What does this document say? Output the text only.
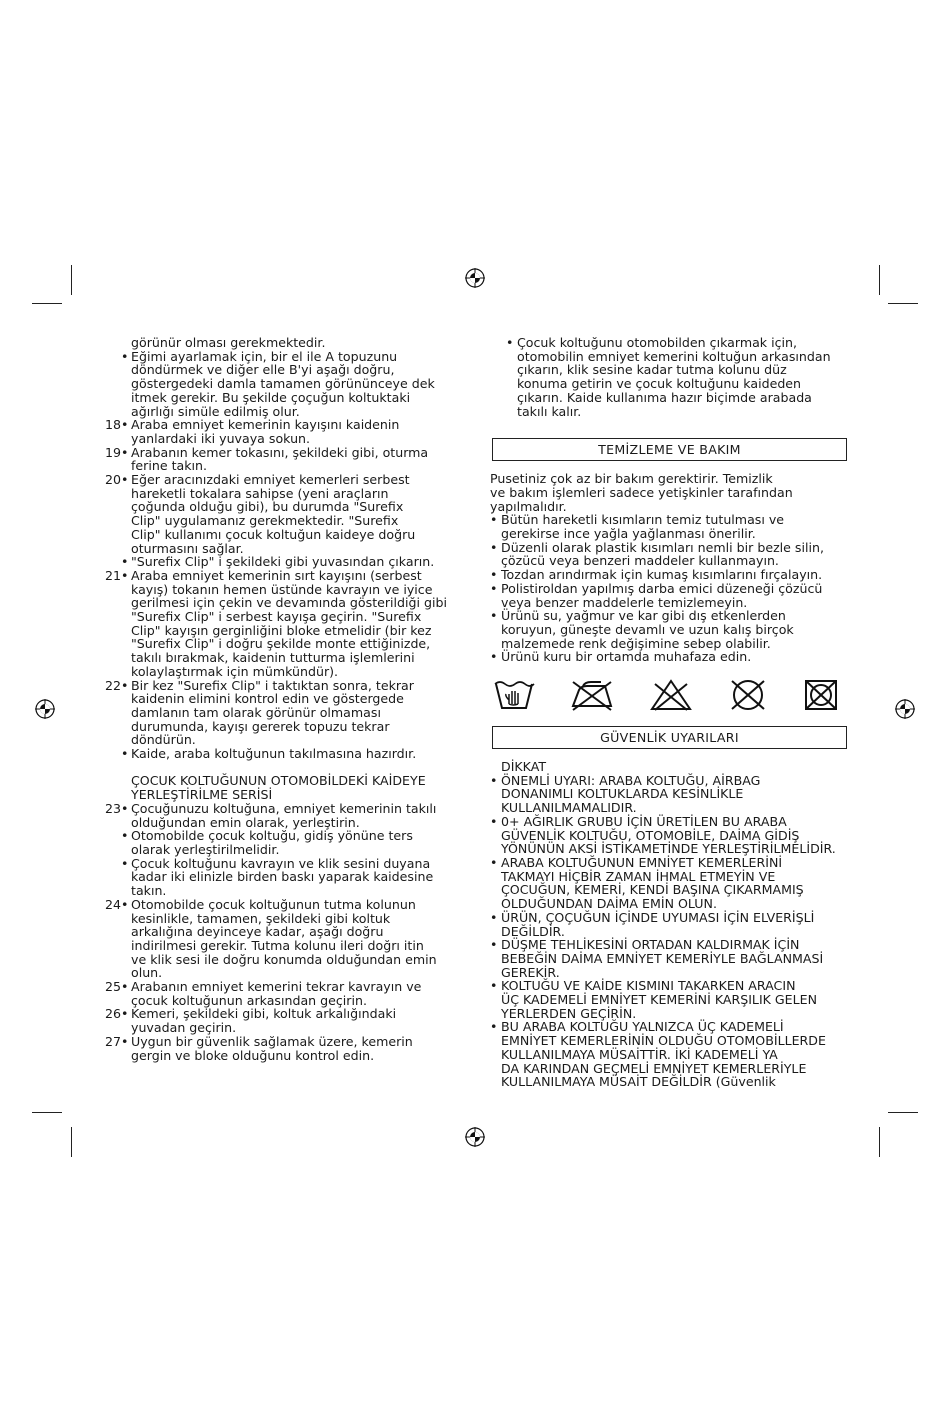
görünür olması gerekmektedir.
• Eğimi ayarlamak için, bir el ile A topuzunu
döndürmek ve diğer elle B'yi aşağı doğru,
göstergedeki damla tamamen görününceye dek
itmek gerekir. Bu şekilde çoçuğun koltuktaki
ağırlığı simüle edilmiş olur.
18 • Araba emniyet kemerinin kayışını kaidenin
yanlardaki iki yuvaya sokun.
19 • Arabanın kemer tokasını, şekildeki gibi, oturma
ferine takın.
20 • Eğer aracınızdaki emniyet kemerleri serbest
hareketli tokalara sahipse (yeni araçların
çoğunda olduğu gibi), bu durumda "Surefix
Clip" uygulamanız gerekmektedir. "Surefix
Clip" kullanımı çocuk koltuğun kaideye doğru
oturmasını sağlar.
• "Surefix Clip" i şekildeki gibi yuvasından çıkarın.
21 • Araba emniyet kemerinin sırt kayışını (serbest
kayış) tokanın hemen üstünde kavrayın ve iyice
gerilmesi için çekin ve devamında gösterildiği gibi
"Surefix Clip" i serbest kayışa geçirin. "Surefix
Clip" kayışın gerginliğini bloke etmelidir (bir kez
"Surefix Clip" i doğru şekilde monte ettiğinizde,
takılı bırakmak, kaidenin tutturma işlemlerini
kolaylaştırmak için mümkündür).
22 • Bir kez "Surefix Clip" i taktıktan sonra, tekrar
kaidenin elimini kontrol edin ve göstergede
damlanın tam olarak görünür olmaması
durumunda, kayışı gererek topuzu tekrar
döndürün.
• Kaide, araba koltuğunun takılmasına hazırdır.
ÇOCUK KOLTUĞUNUN OTOMOBİLDEKİ KAİDEYE
YERLEŞTİRİLME SERİSİ
23 • Çocuğunuzu koltuğuna, emniyet kemerinin takılı
olduğundan emin olarak, yerleştirin.
• Otomobilde çocuk koltuğu, gidiş yönüne ters
olarak yerleştirilmelidir.
• Çocuk koltuğunu kavrayın ve klik sesini duyana
kadar iki elinizle birden baskı yaparak kaidesine
takın.
24 • Otomobilde çocuk koltuğunun tutma kolunun
kesinlikle, tamamen, şekildeki gibi koltuk
arkalığına deyinceye kadar, aşağı doğru
indirilmesi gerekir. Tutma kolunu ileri doğrı itin
ve klik sesi ile doğru konumda olduğundan emin
olun.
25 • Arabanın emniyet kemerini tekrar kavrayın ve
çocuk koltuğunun arkasından geçirin.
26 • Kemeri, şekildeki gibi, koltuk arkalığındaki
yuvadan geçirin.
27 • Uygun bir güvenlik sağlamak üzere, kemerin
gergin ve bloke olduğunu kontrol edin.
• Çocuk koltuğunu otomobilden çıkarmak için,
otomobilin emniyet kemerini koltuğun arkasından
çıkarın, klik sesine kadar tutma kolunu düz
konuma getirin ve çocuk koltuğunu kaideden
çıkarın. Kaide kullanıma hazır biçimde arabada
takılı kalır.
TEMİZLEME VE BAKIM
Pusetiniz çok az bir bakım gerektirir. Temizlik
ve bakım işlemleri sadece yetişkinler tarafından
yapılmalıdır.
• Bütün hareketli kısımların temiz tutulması ve
gerekirse ince yağla yağlanması önerilir.
• Düzenli olarak plastik kısımları nemli bir bezle silin,
çözücü veya benzeri maddeler kullanmayın.
• Tozdan arındırmak için kumaş kısımlarını fırçalayın.
• Polistiroldan yapılmış darba emici düzeneği çözücü
veya benzer maddelerle temizlemeyin.
• Ürünü su, yağmur ve kar gibi dış etkenlerden
koruyun, güneşte devamlı ve uzun kalış birçok
malzemede renk değişimine sebep olabilir.
• Ürünü kuru bir ortamda muhafaza edin.
GÜVENLİK UYARILARI
DİKKAT
• ÖNEMLİ UYARI: ARABA KOLTUĞU, AİRBAG
DONANIMLI KOLTUKLARDA KESİNLİKLE
KULLANILMAMALIDIR.
• 0+ AĞIRLIK GRUBU İÇİN ÜRETİLEN BU ARABA
GÜVENLİK KOLTUĞU, OTOMOBİLE, DAİMA GİDİŞ
YÖNÜNÜN AKSİ İSTİKAMETİNDE YERLEŞTİRİLMELİDİR.
• ARABA KOLTUĞUNUN EMNİYET KEMERLERİNİ
TAKMAYI HİÇBİR ZAMAN İHMAL ETMEYİN VE
ÇOCUĞUN, KEMERİ, KENDİ BAŞINA ÇIKARMAMIŞ
OLDUĞUNDAN DAİMA EMİN OLUN.
• ÜRÜN, ÇOÇUĞUN İÇİNDE UYUMASI İÇİN ELVERİŞLİ
DEĞİLDİR.
• DÜŞME TEHLİKESİNİ ORTADAN KALDIRMAK İÇİN
BEBEĞİN DAİMA EMNİYET KEMERİYLE BAĞLANMASİ
GEREKİR.
• KOLTUĞU VE KAİDE KISMINI TAKARKEN ARACIN
ÜÇ KADEMELİ EMNİYET KEMERİNİ KARŞILIK GELEN
YERLERDEN GEÇİRİN.
• BU ARABA KOLTUĞU YALNIZCA ÜÇ KADEMELİ
EMNİYET KEMERLERİNİN OLDUĞU OTOMOBİLLERDE
KULLANILMAYA MÜSAİTTİR. İKİ KADEMELİ YA
DA KARINDAN GEÇMELİ EMNİYET KEMERLERİYLE
KULLANILMAYA MÜSAİT DEĞİLDİR (Güvenlik
